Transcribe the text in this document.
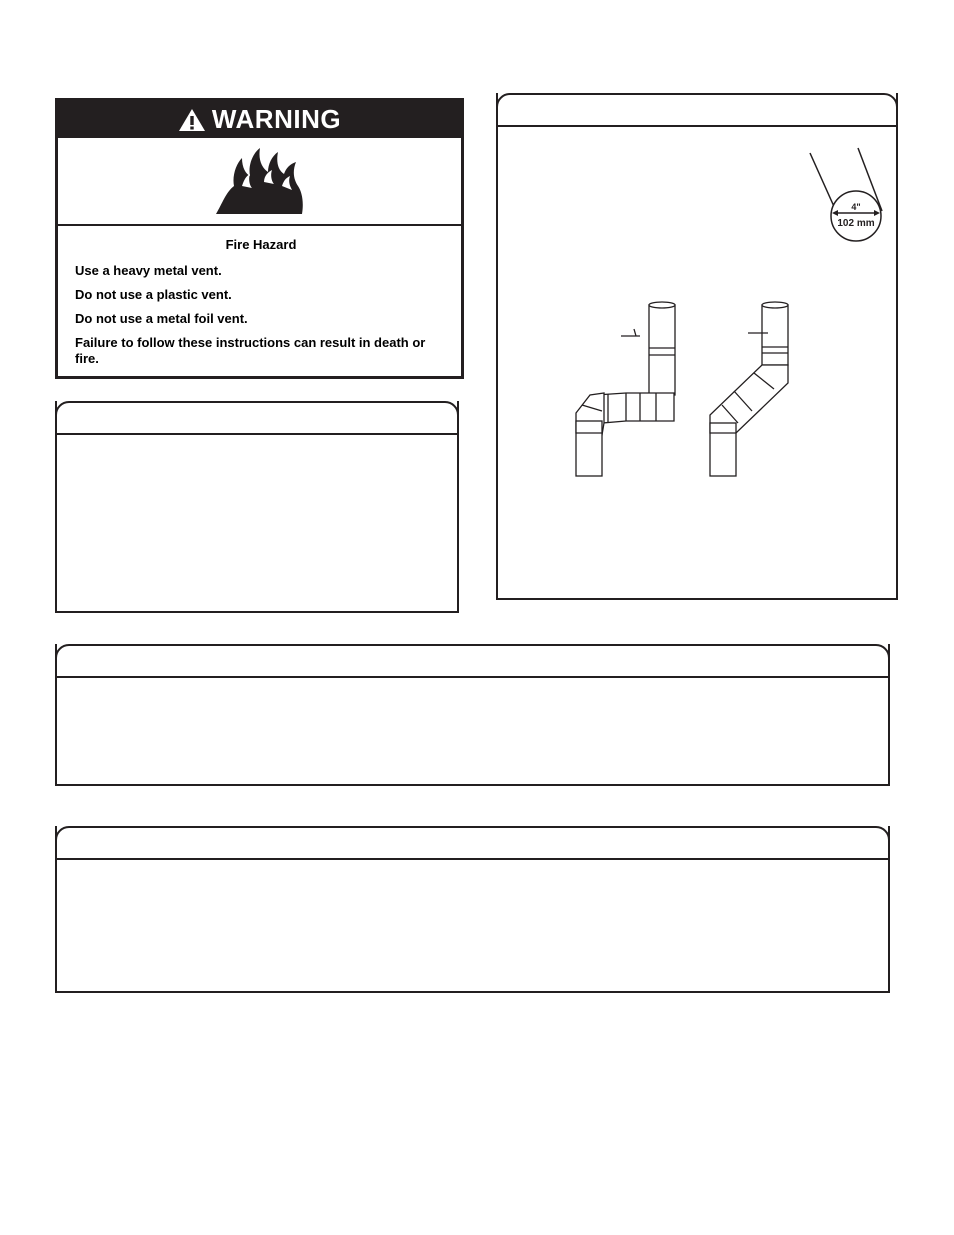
WARNING
Fire Hazard
Use a heavy metal vent.
Do not use a plastic vent.
Do not use a metal foil vent.
Failure to follow these instructions can result in death or fire.
4"
102 mm
